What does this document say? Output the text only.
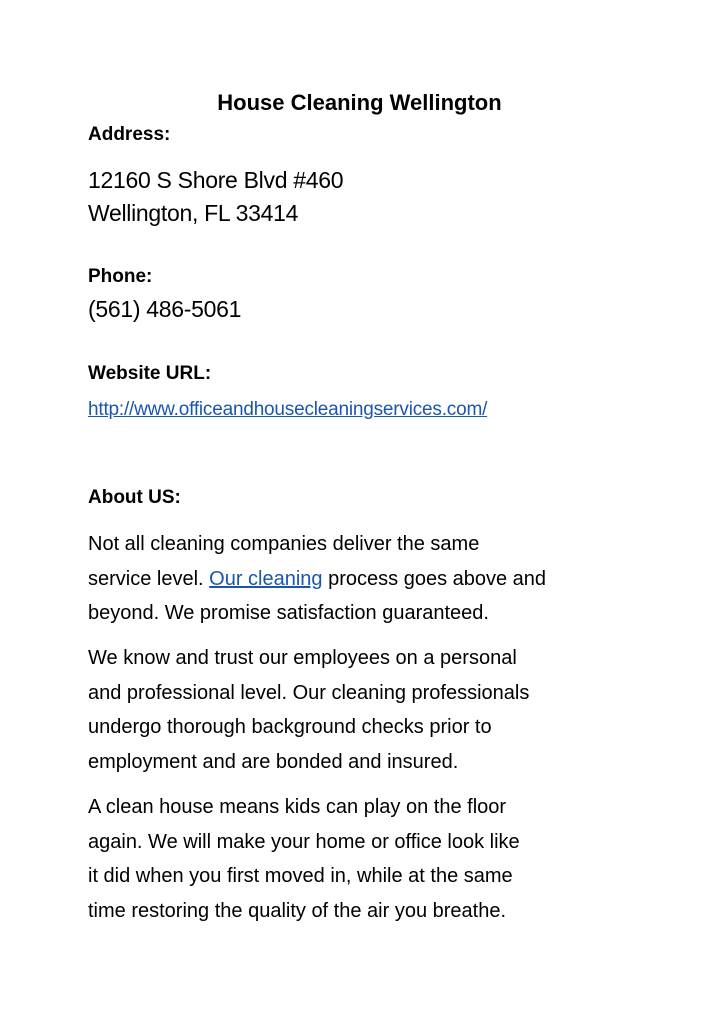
House Cleaning Wellington
Address:
12160 S Shore Blvd #460
Wellington, FL 33414
Phone:
(561) 486-5061
Website URL:
http://www.officeandhousecleaningservices.com/
About US:

Not all cleaning companies deliver the same
service level. Our cleaning process goes above and
beyond. We promise satisfaction guaranteed.

We know and trust our employees on a personal
and professional level. Our cleaning professionals
undergo thorough background checks prior to
employment and are bonded and insured.

A clean house means kids can play on the floor
again. We will make your home or office look like
it did when you first moved in, while at the same
time restoring the quality of the air you breathe.
